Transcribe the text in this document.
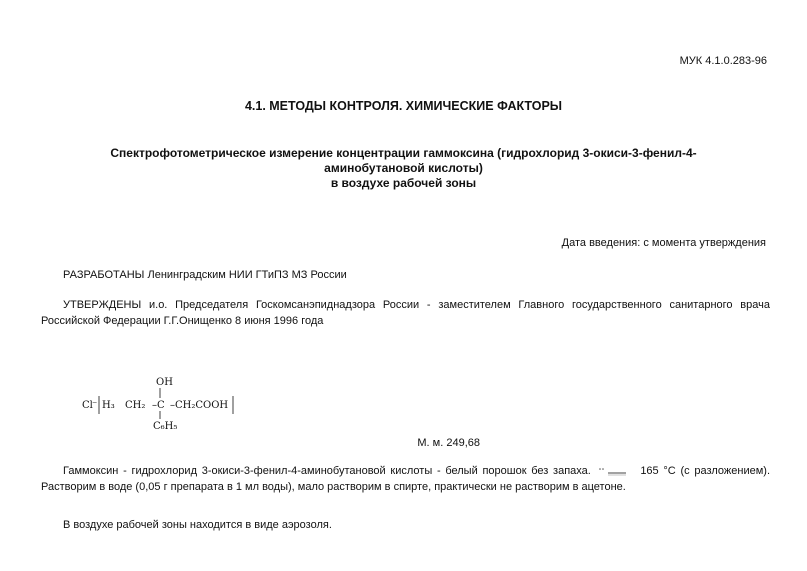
МУК 4.1.0.283-96
4.1. МЕТОДЫ КОНТРОЛЯ. ХИМИЧЕСКИЕ ФАКТОРЫ
Спектрофотометрическое измерение концентрации гаммоксина (гидрохлорид 3-окиси-3-фенил-4-
аминобутановой кислоты)
в воздухе рабочей зоны
Дата введения: с момента утверждения
РАЗРАБОТАНЫ Ленинградским НИИ ГТиПЗ МЗ России
УТВЕРЖДЕНЫ и.о. Председателя Госкомсанэпиднадзора России - заместителем Главного государственного санитарного врача Российской Федерации Г.Г.Онищенко 8 июня 1996 года
OH
Cl ⁻ H₃ CH₂ –C –CH₂COOH
C₆H₅
М. м. 249,68
Гаммоксин - гидрохлорид 3-окиси-3-фенил-4-аминобутановой кислоты - белый порошок без запаха.	165 °С (с разложением). Растворим в воде (0,05 г препарата в 1 мл воды), мало растворим в спирте, практически не растворим в ацетоне.
В воздухе рабочей зоны находится в виде аэрозоля.
